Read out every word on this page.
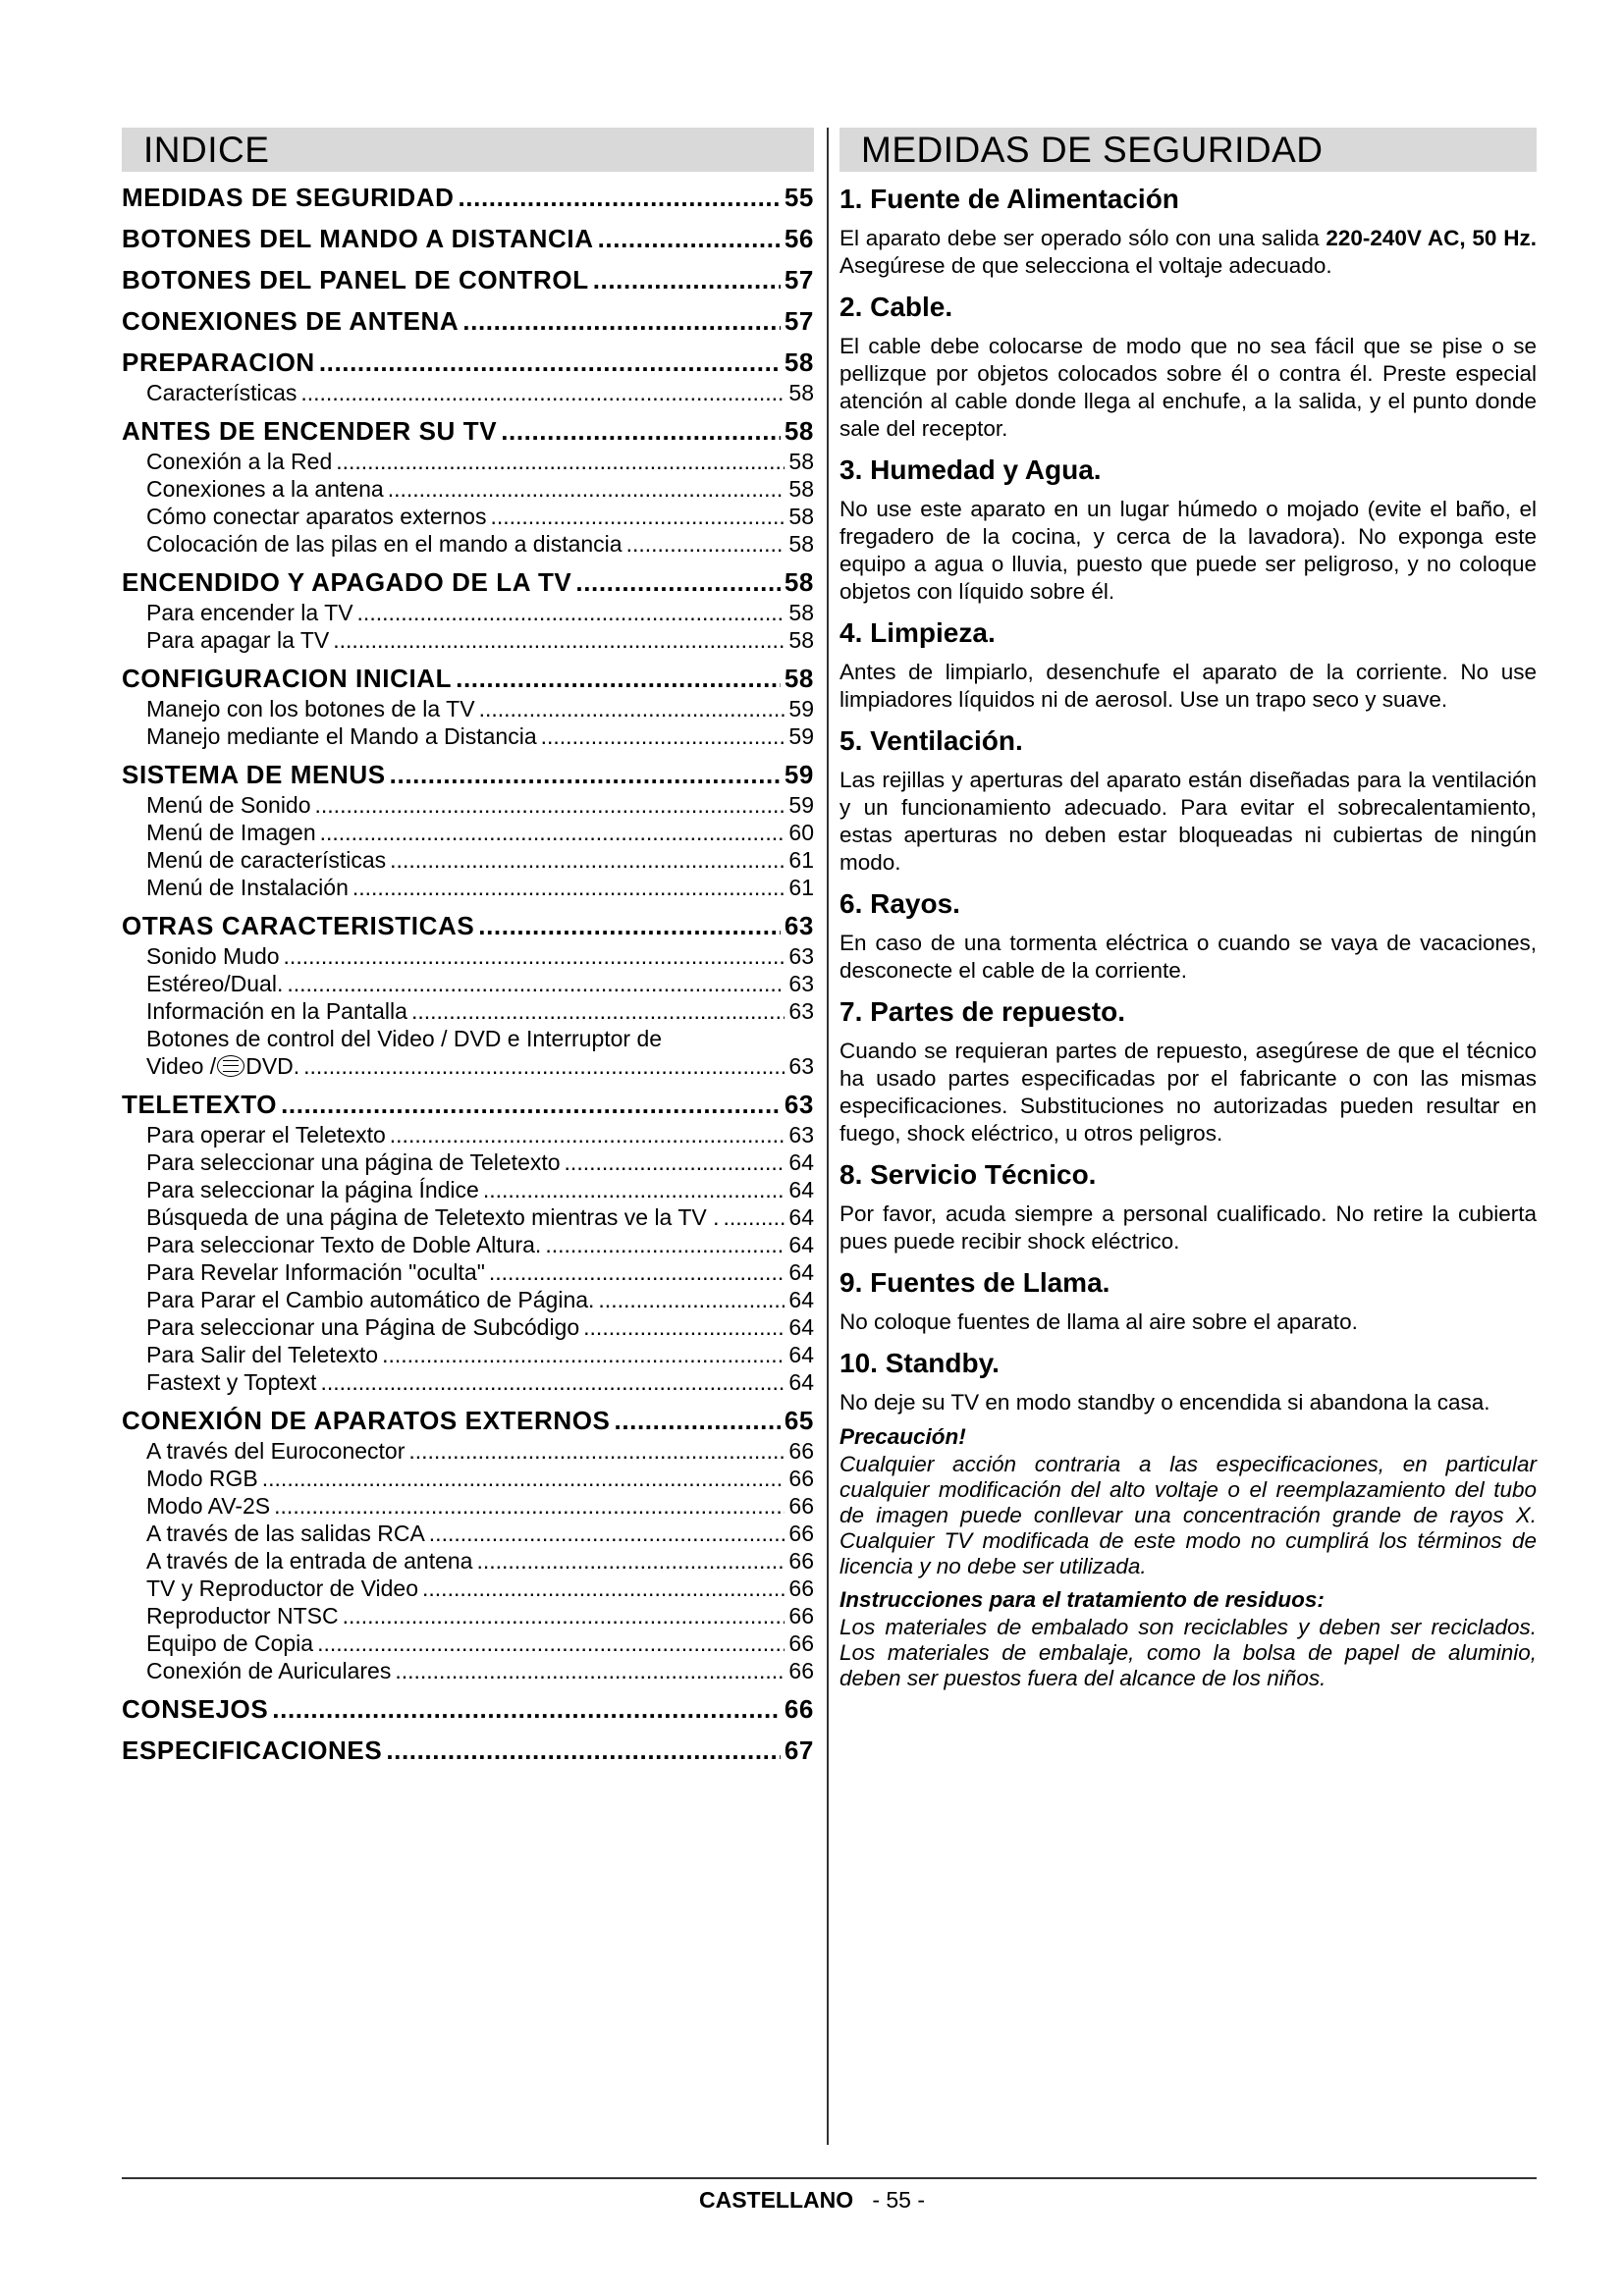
INDICE
MEDIDAS DE SEGURIDAD .....	55
BOTONES DEL MANDO A DISTANCIA .....	56
BOTONES DEL PANEL DE CONTROL .....	57
CONEXIONES DE ANTENA .....	57
PREPARACION .....	58
Características .....	58
ANTES DE ENCENDER SU TV .....	58
Conexión a la Red .....	58
Conexiones a la antena .....	58
Cómo conectar aparatos externos .....	58
Colocación de las pilas en el mando a distancia .....	58
ENCENDIDO Y APAGADO DE LA TV .....	58
Para encender la TV .....	58
Para apagar la TV .....	58
CONFIGURACION INICIAL .....	58
Manejo con los botones de la TV .....	59
Manejo mediante el Mando a Distancia .....	59
SISTEMA DE MENUS .....	59
Menú de Sonido .....	59
Menú de Imagen .....	60
Menú de características .....	61
Menú de Instalación .....	61
OTRAS CARACTERISTICAS .....	63
Sonido Mudo .....	63
Estéreo/Dual. .....	63
Información en la Pantalla .....	63
Botones de control del Video / DVD e Interruptor de
Video / DVD. .....	63
TELETEXTO .....	63
Para operar el Teletexto .....	63
Para seleccionar una página de Teletexto .....	64
Para seleccionar la página Índice .....	64
Búsqueda de una página de Teletexto mientras ve la TV . .....	64
Para seleccionar Texto de Doble Altura. .....	64
Para Revelar Información "oculta" .....	64
Para Parar el Cambio automático de Página. .....	64
Para seleccionar una Página de Subcódigo .....	64
Para Salir del Teletexto .....	64
Fastext y Toptext .....	64
CONEXIÓN DE APARATOS EXTERNOS .....	65
A través del Euroconector .....	66
Modo RGB .....	66
Modo AV-2S .....	66
A través de las salidas RCA .....	66
A través de la entrada de antena .....	66
TV y Reproductor de Video .....	66
Reproductor NTSC .....	66
Equipo de Copia .....	66
Conexión de Auriculares .....	66
CONSEJOS .....	66
ESPECIFICACIONES .....	67
MEDIDAS DE SEGURIDAD
1. Fuente de Alimentación
El aparato debe ser operado sólo con una salida 220-240V AC, 50 Hz. Asegúrese de que selecciona el voltaje adecuado.
2. Cable.
El cable debe colocarse de modo que no sea fácil que se pise o se pellizque por objetos colocados sobre él o contra él. Preste especial atención al cable donde llega al enchufe, a la salida, y el punto donde sale del receptor.
3. Humedad y Agua.
No use este aparato en un lugar húmedo o mojado (evite el baño, el fregadero de la cocina, y cerca de la lavadora). No exponga este equipo a agua o lluvia, puesto que puede ser peligroso, y no coloque objetos con líquido sobre él.
4. Limpieza.
Antes de limpiarlo, desenchufe el aparato de la corriente. No use limpiadores líquidos ni de aerosol. Use un trapo seco y suave.
5. Ventilación.
Las rejillas y aperturas del aparato están diseñadas para la ventilación y un funcionamiento adecuado. Para evitar el sobrecalentamiento, estas aperturas no deben estar bloqueadas ni cubiertas de ningún modo.
6. Rayos.
En caso de una tormenta eléctrica o cuando se vaya de vacaciones, desconecte el cable de la corriente.
7. Partes de repuesto.
Cuando se requieran partes de repuesto, asegúrese de que el técnico ha usado partes especificadas por el fabricante o con las mismas especificaciones. Substituciones no autorizadas pueden resultar en fuego, shock eléctrico, u otros peligros.
8. Servicio Técnico.
Por favor, acuda siempre a personal cualificado. No retire la cubierta pues puede recibir shock eléctrico.
9. Fuentes de Llama.
No coloque fuentes de llama al aire sobre el aparato.
10. Standby.
No deje su TV en modo standby o encendida si abandona la casa.
Precaución!
Cualquier acción contraria a las especificaciones, en particular cualquier modificación del alto voltaje o el reemplazamiento del tubo de imagen puede conllevar una concentración grande de rayos X. Cualquier TV modificada de este modo no cumplirá los términos de licencia y no debe ser utilizada.
Instrucciones para el tratamiento de residuos:
Los materiales de embalado son reciclables y deben ser reciclados. Los materiales de embalaje, como la bolsa de papel de aluminio, deben ser puestos fuera del alcance de los niños.
CASTELLANO - 55 -
